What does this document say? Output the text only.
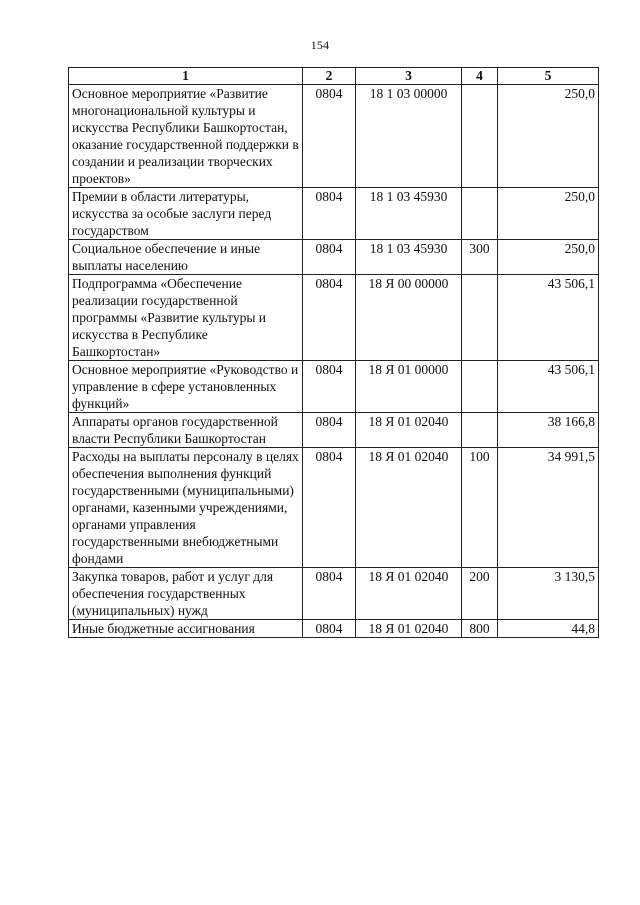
154
1	2	3	4	5
Основное мероприятие «Развитие многонациональной культуры и искусства Республики Башкортостан, оказание государственной поддержки в создании и реализации творческих проектов»	0804	18 1 03 00000		250,0
Премии в области литературы, искусства за особые заслуги перед государством	0804	18 1 03 45930		250,0
Социальное обеспечение и иные выплаты населению	0804	18 1 03 45930	300	250,0
Подпрограмма «Обеспечение реализации государственной программы «Развитие культуры и искусства в Республике Башкортостан»	0804	18 Я 00 00000		43 506,1
Основное мероприятие «Руководство и управление в сфере установленных функций»	0804	18 Я 01 00000		43 506,1
Аппараты органов государственной власти Республики Башкортостан	0804	18 Я 01 02040		38 166,8
Расходы на выплаты персоналу в целях обеспечения выполнения функций государственными (муниципальными) органами, казенными учреждениями, органами управления государственными внебюджетными фондами	0804	18 Я 01 02040	100	34 991,5
Закупка товаров, работ и услуг для обеспечения государственных (муниципальных) нужд	0804	18 Я 01 02040	200	3 130,5
Иные бюджетные ассигнования	0804	18 Я 01 02040	800	44,8
